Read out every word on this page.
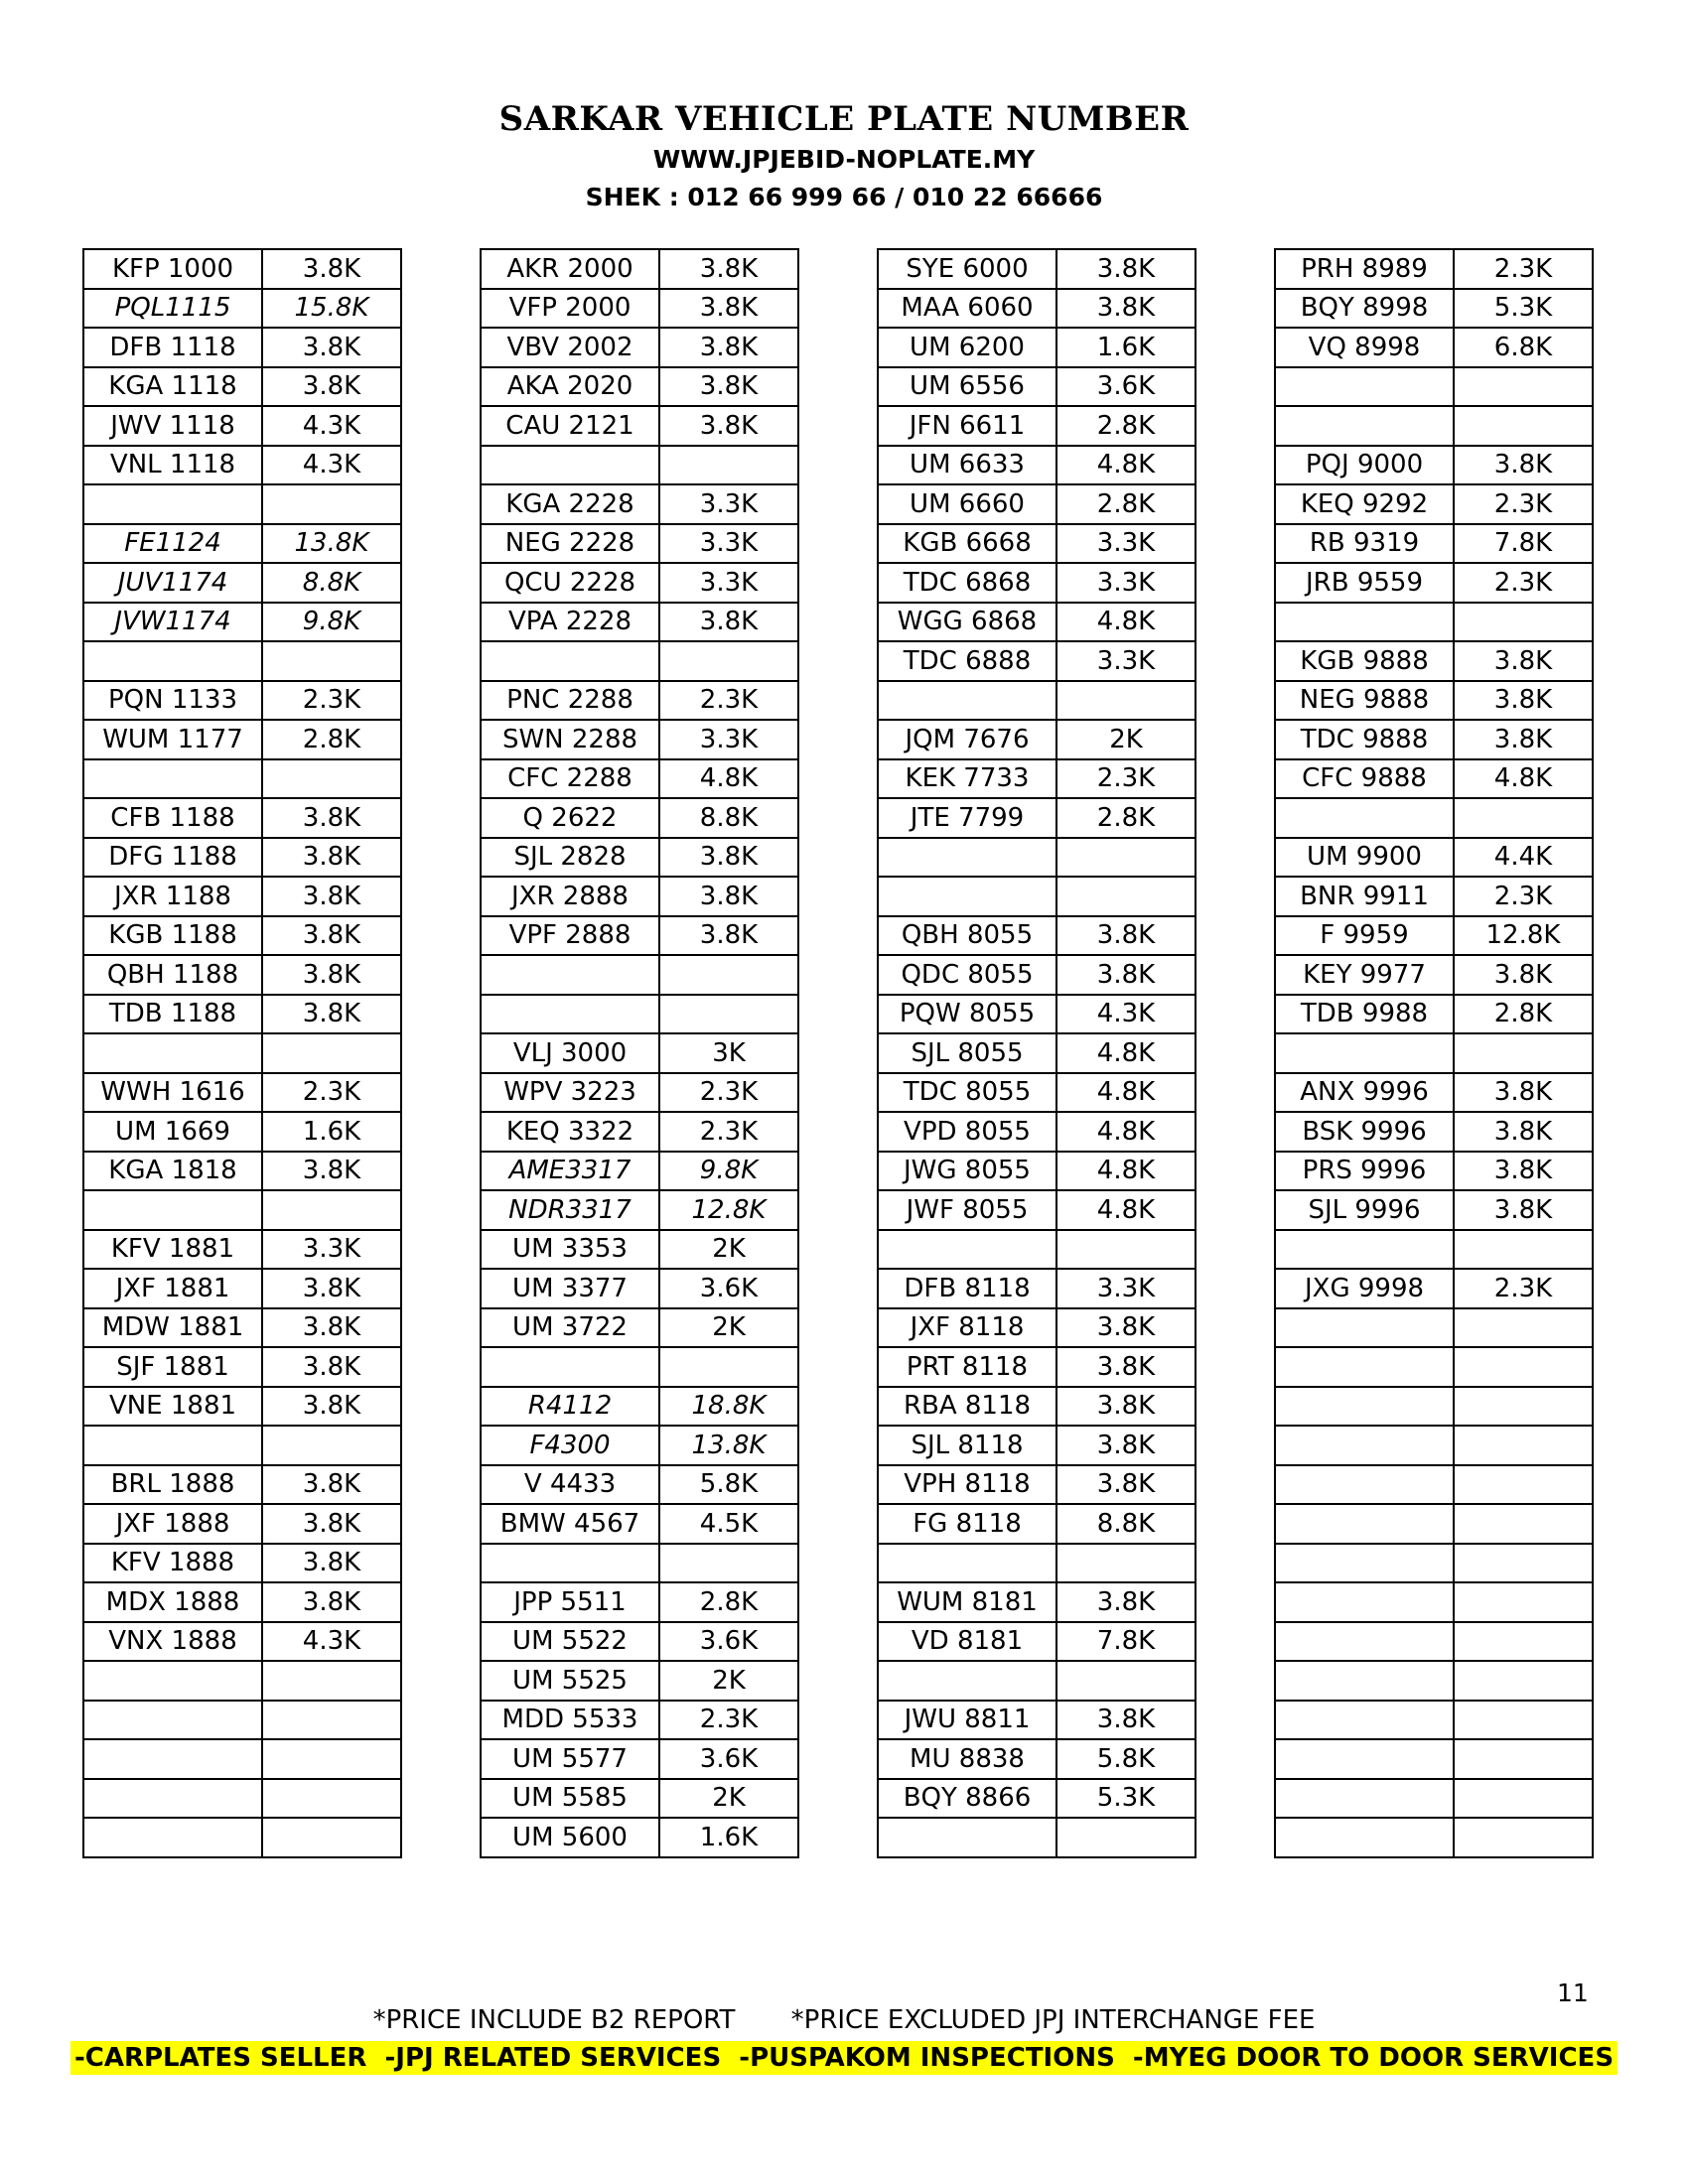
SARKAR VEHICLE PLATE NUMBER
WWW.JPJEBID-NOPLATE.MY
SHEK : 012 66 999 66 / 010 22 66666
KFP 1000	3.8K
PQL1115	15.8K
DFB 1118	3.8K
KGA 1118	3.8K
JWV 1118	4.3K
VNL 1118	4.3K

FE1124	13.8K
JUV1174	8.8K
JVW1174	9.8K

PQN 1133	2.3K
WUM 1177	2.8K

CFB 1188	3.8K
DFG 1188	3.8K
JXR 1188	3.8K
KGB 1188	3.8K
QBH 1188	3.8K
TDB 1188	3.8K

WWH 1616	2.3K
UM 1669	1.6K
KGA 1818	3.8K

KFV 1881	3.3K
JXF 1881	3.8K
MDW 1881	3.8K
SJF 1881	3.8K
VNE 1881	3.8K

BRL 1888	3.8K
JXF 1888	3.8K
KFV 1888	3.8K
MDX 1888	3.8K
VNX 1888	4.3K

AKR 2000	3.8K
VFP 2000	3.8K
VBV 2002	3.8K
AKA 2020	3.8K
CAU 2121	3.8K

KGA 2228	3.3K
NEG 2228	3.3K
QCU 2228	3.3K
VPA 2228	3.8K

PNC 2288	2.3K
SWN 2288	3.3K
CFC 2288	4.8K
Q 2622	8.8K
SJL 2828	3.8K
JXR 2888	3.8K
VPF 2888	3.8K

VLJ 3000	3K
WPV 3223	2.3K
KEQ 3322	2.3K
AME3317	9.8K
NDR3317	12.8K
UM 3353	2K
UM 3377	3.6K
UM 3722	2K

R4112	18.8K
F4300	13.8K
V 4433	5.8K
BMW 4567	4.5K

JPP 5511	2.8K
UM 5522	3.6K
UM 5525	2K
MDD 5533	2.3K
UM 5577	3.6K
UM 5585	2K
UM 5600	1.6K
SYE 6000	3.8K
MAA 6060	3.8K
UM 6200	1.6K
UM 6556	3.6K
JFN 6611	2.8K
UM 6633	4.8K
UM 6660	2.8K
KGB 6668	3.3K
TDC 6868	3.3K
WGG 6868	4.8K
TDC 6888	3.3K

JQM 7676	2K
KEK 7733	2.3K
JTE 7799	2.8K

QBH 8055	3.8K
QDC 8055	3.8K
PQW 8055	4.3K
SJL 8055	4.8K
TDC 8055	4.8K
VPD 8055	4.8K
JWG 8055	4.8K
JWF 8055	4.8K

DFB 8118	3.3K
JXF 8118	3.8K
PRT 8118	3.8K
RBA 8118	3.8K
SJL 8118	3.8K
VPH 8118	3.8K
FG 8118	8.8K

WUM 8181	3.8K
VD 8181	7.8K

JWU 8811	3.8K
MU 8838	5.8K
BQY 8866	5.3K

PRH 8989	2.3K
BQY 8998	5.3K
VQ 8998	6.8K

PQJ 9000	3.8K
KEQ 9292	2.3K
RB 9319	7.8K
JRB 9559	2.3K

KGB 9888	3.8K
NEG 9888	3.8K
TDC 9888	3.8K
CFC 9888	4.8K

UM 9900	4.4K
BNR 9911	2.3K
F 9959	12.8K
KEY 9977	3.8K
TDB 9988	2.8K

ANX 9996	3.8K
BSK 9996	3.8K
PRS 9996	3.8K
SJL 9996	3.8K

JXG 9998	2.3K

11
*PRICE INCLUDE B2 REPORT *PRICE EXCLUDED JPJ INTERCHANGE FEE
-CARPLATES SELLER  -JPJ RELATED SERVICES  -PUSPAKOM INSPECTIONS  -MYEG DOOR TO DOOR SERVICES
